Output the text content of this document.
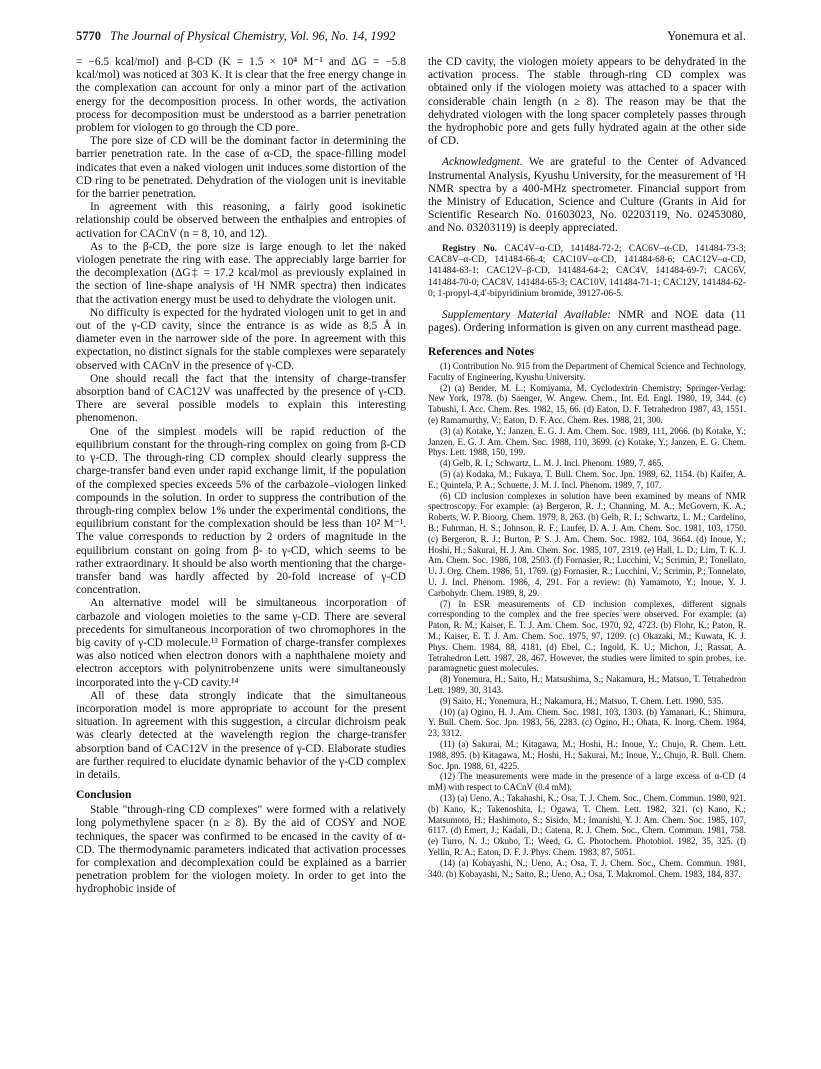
5770 The Journal of Physical Chemistry, Vol. 96, No. 14, 1992	Yonemura et al.

= −6.5 kcal/mol) and β-CD (K = 1.5 × 10⁴ M⁻¹ and ΔG = −5.8 kcal/mol) was noticed at 303 K. It is clear that the free energy change in the complexation can account for only a minor part of the activation energy for the decomposition process. In other words, the activation process for decomposition must be understood as a barrier penetration problem for viologen to go through the CD pore.

The pore size of CD will be the dominant factor in determining the barrier penetration rate. In the case of α-CD, the space-filling model indicates that even a naked viologen unit induces some distortion of the CD ring to be penetrated. Dehydration of the viologen unit is inevitable for the barrier penetration.

In agreement with this reasoning, a fairly good isokinetic relationship could be observed between the enthalpies and entropies of activation for CACnV (n = 8, 10, and 12).

As to the β-CD, the pore size is large enough to let the naked viologen penetrate the ring with ease. The appreciably large barrier for the decomplexation (ΔG‡ = 17.2 kcal/mol as previously explained in the section of line-shape analysis of ¹H NMR spectra) then indicates that the activation energy must be used to dehydrate the viologen unit.

No difficulty is expected for the hydrated viologen unit to get in and out of the γ-CD cavity, since the entrance is as wide as 8.5 Å in diameter even in the narrower side of the pore. In agreement with this expectation, no distinct signals for the stable complexes were separately observed with CACnV in the presence of γ-CD.

One should recall the fact that the intensity of charge-transfer absorption band of CAC12V was unaffected by the presence of γ-CD. There are several possible models to explain this interesting phenomenon.

One of the simplest models will be rapid reduction of the equilibrium constant for the through-ring complex on going from β-CD to γ-CD. The through-ring CD complex should clearly suppress the charge-transfer band even under rapid exchange limit, if the population of the complexed species exceeds 5% of the carbazole–viologen linked compounds in the solution. In order to suppress the contribution of the through-ring complex below 1% under the experimental conditions, the equilibrium constant for the complexation should be less than 10² M⁻¹. The value corresponds to reduction by 2 orders of magnitude in the equilibrium constant on going from β- to γ-CD, which seems to be rather extraordinary. It should be also worth mentioning that the charge-transfer band was hardly affected by 20-fold increase of γ-CD concentration.

An alternative model will be simultaneous incorporation of carbazole and viologen moieties to the same γ-CD. There are several precedents for simultaneous incorporation of two chromophores in the big cavity of γ-CD molecule.¹³ Formation of charge-transfer complexes was also noticed when electron donors with a naphthalene moiety and electron acceptors with polynitrobenzene units were simultaneously incorporated into the γ-CD cavity.¹⁴

All of these data strongly indicate that the simultaneous incorporation model is more appropriate to account for the present situation. In agreement with this suggestion, a circular dichroism peak was clearly detected at the wavelength region the charge-transfer absorption band of CAC12V in the presence of γ-CD. Elaborate studies are further required to elucidate dynamic behavior of the γ-CD complex in details.

Conclusion

Stable "through-ring CD complexes" were formed with a relatively long polymethylene spacer (n ≥ 8). By the aid of COSY and NOE techniques, the spacer was confirmed to be encased in the cavity of α-CD. The thermodynamic parameters indicated that activation processes for complexation and decomplexation could be explained as a barrier penetration problem for the viologen moiety. In order to get into the hydrophobic inside of

the CD cavity, the viologen moiety appears to be dehydrated in the activation process. The stable through-ring CD complex was obtained only if the viologen moiety was attached to a spacer with considerable chain length (n ≥ 8). The reason may be that the dehydrated viologen with the long spacer completely passes through the hydrophobic pore and gets fully hydrated again at the other side of CD.

Acknowledgment. We are grateful to the Center of Advanced Instrumental Analysis, Kyushu University, for the measurement of ¹H NMR spectra by a 400-MHz spectrometer. Financial support from the Ministry of Education, Science and Culture (Grants in Aid for Scientific Research No. 01603023, No. 02203119, No. 02453080, and No. 03203119) is deeply appreciated.

Registry No. CAC4V–α-CD, 141484-72-2; CAC6V–α-CD, 141484-73-3; CAC8V–α-CD, 141484-66-4; CAC10V–α-CD, 141484-68-6; CAC12V–α-CD, 141484-63-1; CAC12V–β-CD, 141484-64-2; CAC4V, 141484-69-7; CAC6V, 141484-70-0; CAC8V, 141484-65-3; CAC10V, 141484-71-1; CAC12V, 141484-62-0; 1-propyl-4,4′-bipyridinium bromide, 39127-06-5.

Supplementary Material Available: NMR and NOE data (11 pages). Ordering information is given on any current masthead page.

References and Notes

(1) Contribution No. 915 from the Department of Chemical Science and Technology, Faculty of Engineering, Kyushu University.

(2) (a) Bender, M. L.; Komiyama, M. Cyclodextrin Chemistry; Springer-Verlag: New York, 1978. (b) Saenger, W. Angew. Chem., Int. Ed. Engl. 1980, 19, 344. (c) Tabushi, I. Acc. Chem. Res. 1982, 15, 66. (d) Eaton, D. F. Tetrahedron 1987, 43, 1551. (e) Ramamurthy, V.; Eaton, D. F. Acc. Chem. Res. 1988, 21, 300.

(3) (a) Kotake, Y.; Janzen, E. G. J. Am. Chem. Soc. 1989, 111, 2066. (b) Kotake, Y.; Janzen, E. G. J. Am. Chem. Soc. 1988, 110, 3699. (c) Kotake, Y.; Janzen, E. G. Chem. Phys. Lett. 1988, 150, 199.

(4) Gelb, R. I.; Schwartz, L. M. J. Incl. Phenom. 1989, 7, 465.

(5) (a) Kodaka, M.; Fukaya, T. Bull. Chem. Soc. Jpn. 1989, 62, 1154. (b) Kaifer, A. E.; Quintela, P. A.; Schuette, J. M. J. Incl. Phenom. 1989, 7, 107.

(6) CD inclusion complexes in solution have been examined by means of NMR spectroscopy. For example: (a) Bergeron, R. J.; Channing, M. A.; McGovern, K. A.; Roberts, W. P. Bioorg. Chem. 1979, 8, 263. (b) Gelb, R. I.; Schwartz, L. M.; Cardelino, B.; Fuhrman, H. S.; Johnson, R. F.; Laufer, D. A. J. Am. Chem. Soc. 1981, 103, 1750. (c) Bergeron, R. J.; Burton, P. S. J. Am. Chem. Soc. 1982, 104, 3664. (d) Inoue, Y.; Hoshi, H.; Sakurai, H. J. Am. Chem. Soc. 1985, 107, 2319. (e) Hall, L. D.; Lim, T. K. J. Am. Chem. Soc. 1986, 108, 2503. (f) Fornasier, R.; Lucchini, V.; Scrimin, P.; Tonellato, U. J. Org. Chem. 1986, 51, 1769. (g) Fornasier, R.; Lucchini, V.; Scrimin, P.; Tonnelato, U. J. Incl. Phenom. 1986, 4, 291. For a review: (h) Yamamoto, Y.; Inoue, Y. J. Carbohydr. Chem. 1989, 8, 29.

(7) In ESR measurements of CD inclusion complexes, different signals corresponding to the complex and the free species were observed. For example: (a) Paton, R. M.; Kaiser, E. T. J. Am. Chem. Soc. 1970, 92, 4723. (b) Flohr, K.; Paton, R. M.; Kaiser, E. T. J. Am. Chem. Soc. 1975, 97, 1209. (c) Okazaki, M.; Kuwata, K. J. Phys. Chem. 1984, 88, 4181. (d) Ebel, C.; Ingold, K. U.; Michon, J.; Rassat, A. Tetrahedron Lett. 1987, 28, 467. However, the studies were limited to spin probes, i.e. paramagnetic guest molecules.

(8) Yonemura, H.; Saito, H.; Matsushima, S.; Nakamura, H.; Matsuo, T. Tetrahedron Lett. 1989, 30, 3143.

(9) Saito, H.; Yonemura, H.; Nakamura, H.; Matsuo, T. Chem. Lett. 1990, 535.

(10) (a) Ogino, H. J. Am. Chem. Soc. 1981, 103, 1303. (b) Yamanari, K.; Shimura, Y. Bull. Chem. Soc. Jpn. 1983, 56, 2283. (c) Ogino, H.; Ohata, K. Inorg. Chem. 1984, 23, 3312.

(11) (a) Sakurai, M.; Kitagawa, M.; Hoshi, H.; Inoue, Y.; Chujo, R. Chem. Lett. 1988, 895. (b) Kitagawa, M.; Hoshi, H.; Sakurai, M.; Inoue, Y.; Chujo, R. Bull. Chem. Soc. Jpn. 1988, 61, 4225.

(12) The measurements were made in the presence of a large excess of α-CD (4 mM) with respect to CACnV (0.4 mM).

(13) (a) Ueno, A.; Takahashi, K.; Osa, T. J. Chem. Soc., Chem. Commun. 1980, 921. (b) Kano, K.; Takenoshita, I.; Ogawa, T. Chem. Lett. 1982, 321. (c) Kano, K.; Matsumoto, H.; Hashimoto, S.; Sisido, M.; Imanishi, Y. J. Am. Chem. Soc. 1985, 107, 6117. (d) Emert, J.; Kadali, D.; Catena, R. J. Chem. Soc., Chem. Commun. 1981, 758. (e) Turro, N. J.; Okubo, T.; Weed, G. C. Photochem. Photobiol. 1982, 35, 325. (f) Yellin, R. A.; Eaton, D. F. J. Phys. Chem. 1983, 87, 5051.

(14) (a) Kobayashi, N.; Ueno, A.; Osa, T. J. Chem. Soc., Chem. Commun. 1981, 340. (b) Kobayashi, N.; Saito, R.; Ueno, A.; Osa, T. Makromol. Chem. 1983, 184, 837.
